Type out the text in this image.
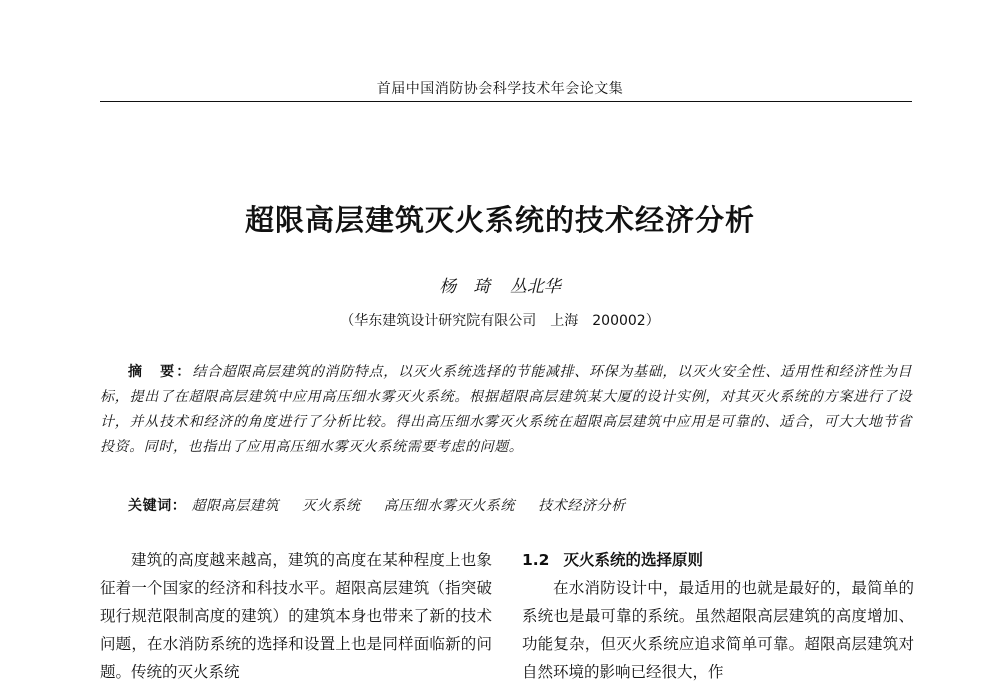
首届中国消防协会科学技术年会论文集
超限高层建筑灭火系统的技术经济分析
杨　琦 丛北华
（华东建筑设计研究院有限公司　上海　200002）
摘　要：结合超限高层建筑的消防特点，以灭火系统选择的节能减排、环保为基础，以灭火安全性、适用性和经济性为目标，提出了在超限高层建筑中应用高压细水雾灭火系统。根据超限高层建筑某大厦的设计实例，对其灭火系统的方案进行了设计，并从技术和经济的角度进行了分析比较。得出高压细水雾灭火系统在超限高层建筑中应用是可靠的、适合，可大大地节省投资。同时，也指出了应用高压细水雾灭火系统需要考虑的问题。
关键词： 超限高层建筑 灭火系统 高压细水雾灭火系统 技术经济分析

建筑的高度越来越高，建筑的高度在某种程度上也象征着一个国家的经济和科技水平。超限高层建筑（指突破现行规范限制高度的建筑）的建筑本身也带来了新的技术问题，在水消防系统的选择和设置上也是同样面临新的问题。传统的灭火系统

1.2 灭火系统的选择原则

在水消防设计中，最适用的也就是最好的，最简单的系统也是最可靠的系统。虽然超限高层建筑的高度增加、功能复杂，但灭火系统应追求简单可靠。超限高层建筑对自然环境的影响已经很大，作
